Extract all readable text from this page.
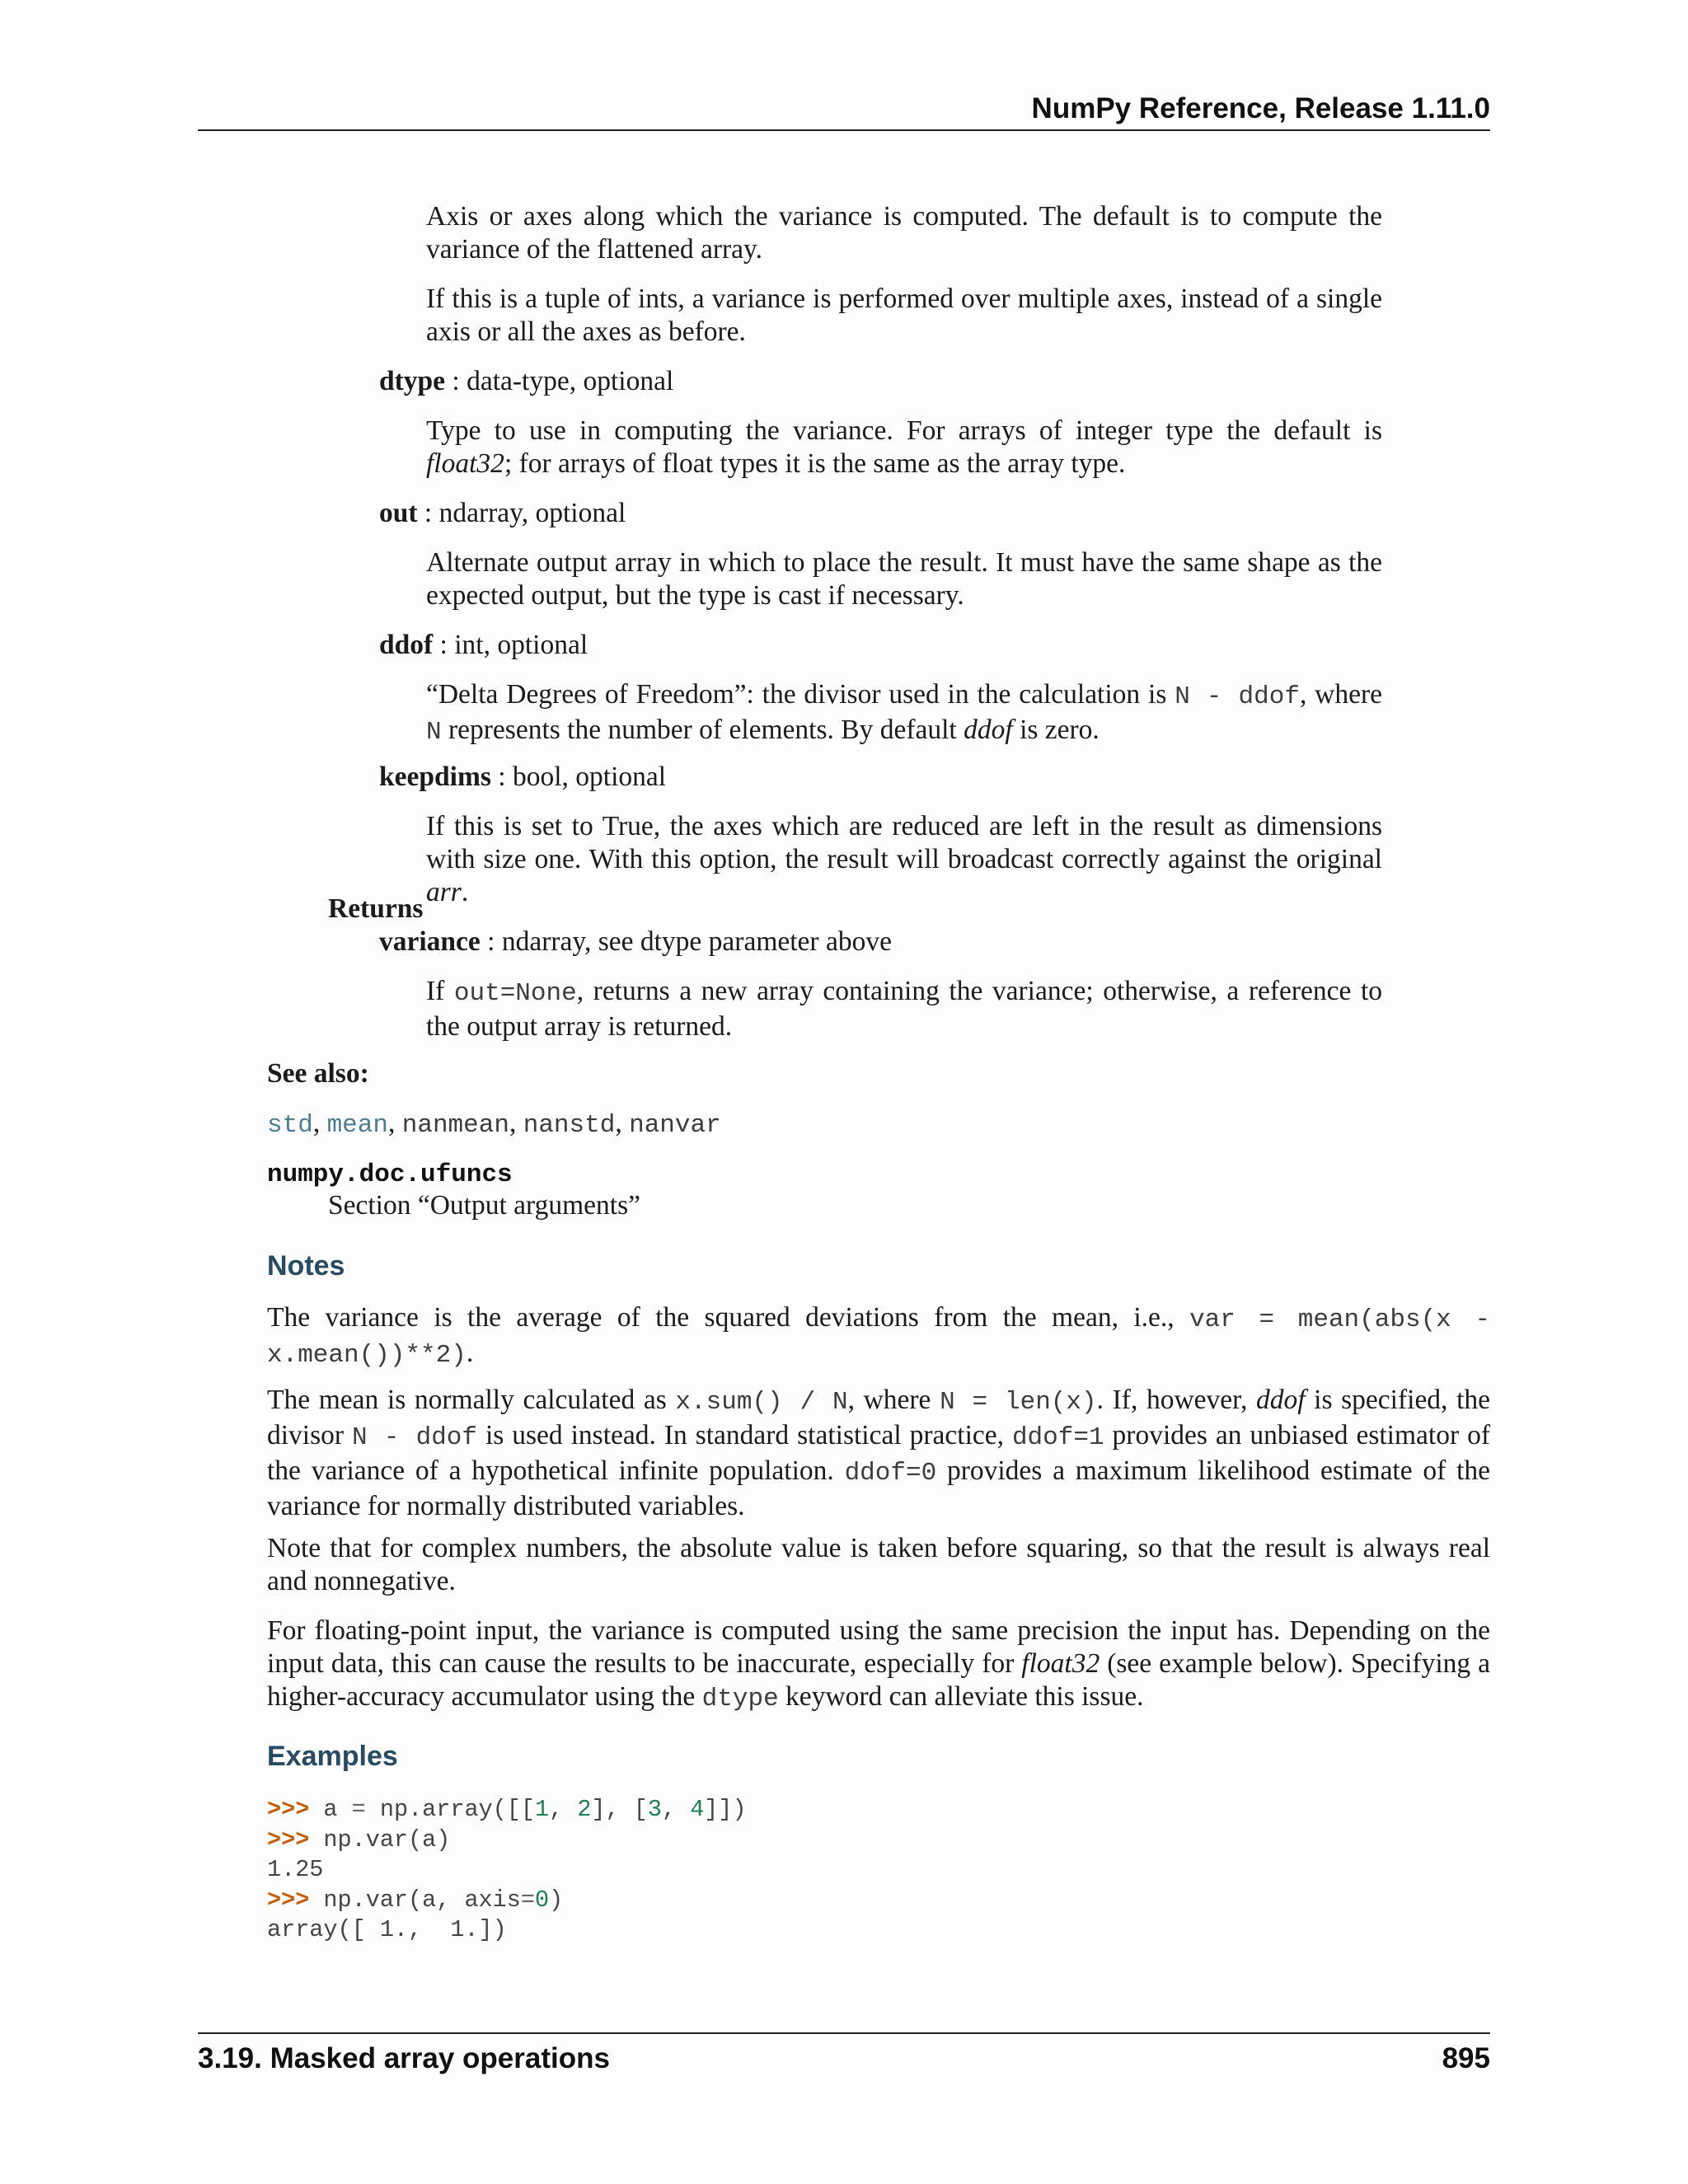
NumPy Reference, Release 1.11.0
Axis or axes along which the variance is computed. The default is to compute the variance of the flattened array.
If this is a tuple of ints, a variance is performed over multiple axes, instead of a single axis or all the axes as before.
dtype : data-type, optional
Type to use in computing the variance. For arrays of integer type the default is float32; for arrays of float types it is the same as the array type.
out : ndarray, optional
Alternate output array in which to place the result. It must have the same shape as the expected output, but the type is cast if necessary.
ddof : int, optional
“Delta Degrees of Freedom”: the divisor used in the calculation is N - ddof, where N represents the number of elements. By default ddof is zero.
keepdims : bool, optional
If this is set to True, the axes which are reduced are left in the result as dimensions with size one. With this option, the result will broadcast correctly against the original arr.
Returns
variance : ndarray, see dtype parameter above
If out=None, returns a new array containing the variance; otherwise, a reference to the output array is returned.
See also:
std, mean, nanmean, nanstd, nanvar
numpy.doc.ufuncs
Section “Output arguments”
Notes
The variance is the average of the squared deviations from the mean, i.e., var = mean(abs(x - x.mean())**2).
The mean is normally calculated as x.sum() / N, where N = len(x). If, however, ddof is specified, the divisor N - ddof is used instead. In standard statistical practice, ddof=1 provides an unbiased estimator of the variance of a hypothetical infinite population. ddof=0 provides a maximum likelihood estimate of the variance for normally distributed variables.
Note that for complex numbers, the absolute value is taken before squaring, so that the result is always real and nonnegative.
For floating-point input, the variance is computed using the same precision the input has. Depending on the input data, this can cause the results to be inaccurate, especially for float32 (see example below). Specifying a higher-accuracy accumulator using the dtype keyword can alleviate this issue.
Examples
>>> a = np.array([[1, 2], [3, 4]])
>>> np.var(a)
1.25
>>> np.var(a, axis=0)
array([ 1.,  1.])
3.19. Masked array operations	895
